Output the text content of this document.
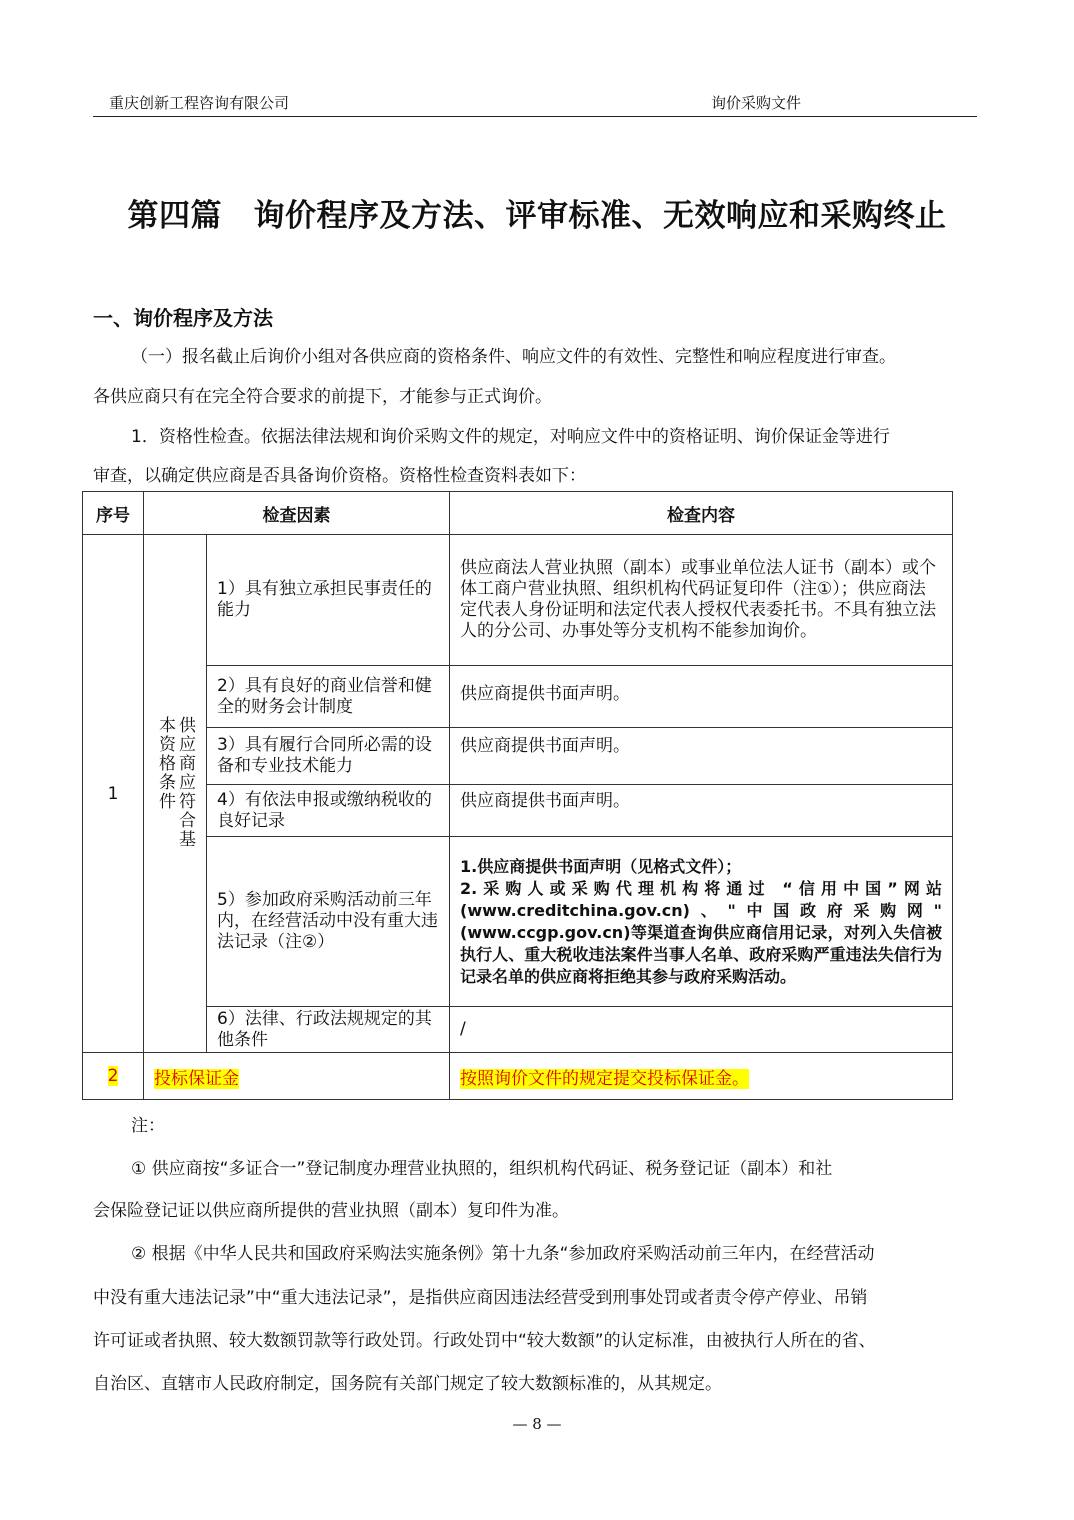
重庆创新工程咨询有限公司	询价采购文件
第四篇　询价程序及方法、评审标准、无效响应和采购终止
一、询价程序及方法
（一）报名截止后询价小组对各供应商的资格条件、响应文件的有效性、完整性和响应程度进行审查。
各供应商只有在完全符合要求的前提下，才能参与正式询价。
1．资格性检查。依据法律法规和询价采购文件的规定，对响应文件中的资格证明、询价保证金等进行
审查，以确定供应商是否具备询价资格。资格性检查资料表如下：
序号	检查因素		检查内容
1	供应商应符合基本资格条件	1）具有独立承担民事责任的能力	供应商法人营业执照（副本）或事业单位法人证书（副本）或个体工商户营业执照、组织机构代码证复印件（注①）；供应商法定代表人身份证明和法定代表人授权代表委托书。不具有独立法人的分公司、办事处等分支机构不能参加询价。
		2）具有良好的商业信誉和健全的财务会计制度	供应商提供书面声明。
		3）具有履行合同所必需的设备和专业技术能力	供应商提供书面声明。
		4）有依法申报或缴纳税收的良好记录	供应商提供书面声明。
		5）参加政府采购活动前三年内，在经营活动中没有重大违法记录（注②）	1.供应商提供书面声明（见格式文件）；
2.采购人或采购代理机构将通过 “信用中国”网站(www.creditchina.gov.cn)、"中国政府采购网"(www.ccgp.gov.cn)等渠道查询供应商信用记录，对列入失信被执行人、重大税收违法案件当事人名单、政府采购严重违法失信行为记录名单的供应商将拒绝其参与政府采购活动。
		6）法律、行政法规规定的其他条件	/
2	投标保证金		按照询价文件的规定提交投标保证金。
注：
① 供应商按“多证合一”登记制度办理营业执照的，组织机构代码证、税务登记证（副本）和社
会保险登记证以供应商所提供的营业执照（副本）复印件为准。
② 根据《中华人民共和国政府采购法实施条例》第十九条“参加政府采购活动前三年内，在经营活动
中没有重大违法记录”中“重大违法记录”，是指供应商因违法经营受到刑事处罚或者责令停产停业、吊销
许可证或者执照、较大数额罚款等行政处罚。行政处罚中“较大数额”的认定标准，由被执行人所在的省、
自治区、直辖市人民政府制定，国务院有关部门规定了较大数额标准的，从其规定。
— 8 —
